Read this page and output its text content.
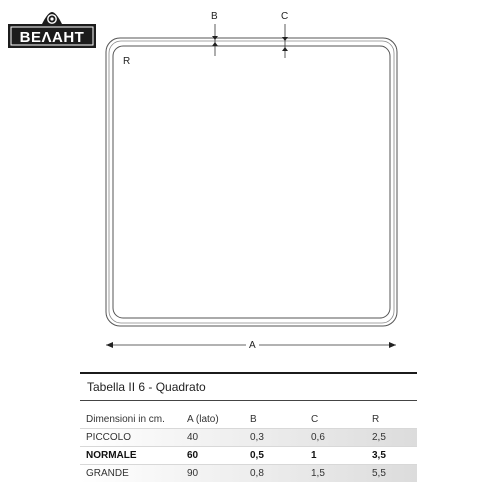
BEΛAHT
B	C
R
A
Tabella II 6 - Quadrato
Dimensioni in cm.	A (lato)	B	C	R
PICCOLO	40	0,3	0,6	2,5
NORMALE	60	0,5	1	3,5
GRANDE	90	0,8	1,5	5,5
